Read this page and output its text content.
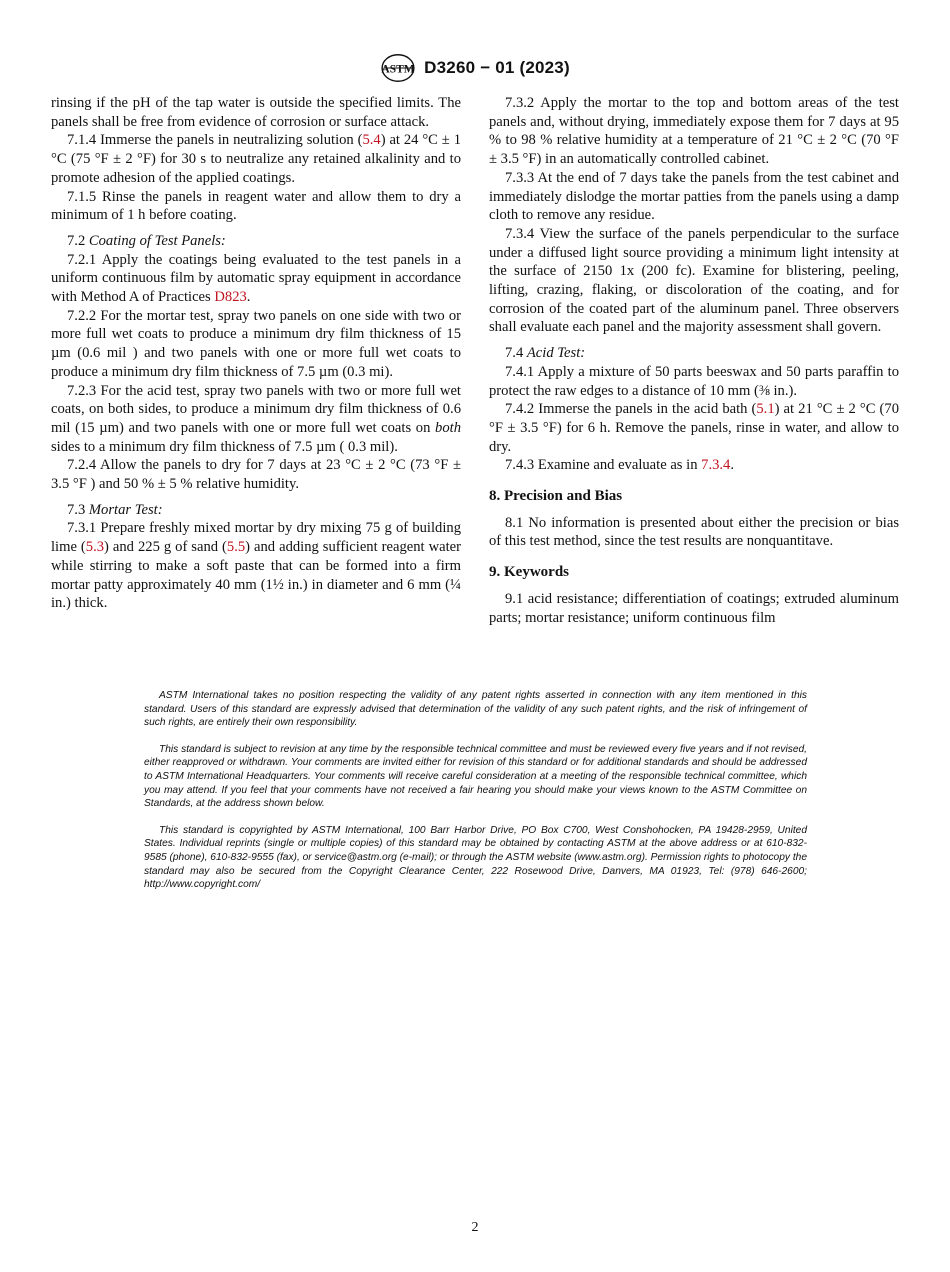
ASTM D3260 − 01 (2023)

rinsing if the pH of the tap water is outside the specified limits. The panels shall be free from evidence of corrosion or surface attack.

7.1.4 Immerse the panels in neutralizing solution (5.4) at 24 °C ± 1 °C (75 °F ± 2 °F) for 30 s to neutralize any retained alkalinity and to promote adhesion of the applied coatings.

7.1.5 Rinse the panels in reagent water and allow them to dry a minimum of 1 h before coating.

7.2 Coating of Test Panels:

7.2.1 Apply the coatings being evaluated to the test panels in a uniform continuous film by automatic spray equipment in accordance with Method A of Practices D823.

7.2.2 For the mortar test, spray two panels on one side with two or more full wet coats to produce a minimum dry film thickness of 15 µm (0.6 mil ) and two panels with one or more full wet coats to produce a minimum dry film thickness of 7.5 µm (0.3 mi).

7.2.3 For the acid test, spray two panels with two or more full wet coats, on both sides, to produce a minimum dry film thickness of 0.6 mil (15 µm) and two panels with one or more full wet coats on both sides to a minimum dry film thickness of 7.5 µm ( 0.3 mil).

7.2.4 Allow the panels to dry for 7 days at 23 °C ± 2 °C (73 °F ± 3.5 °F ) and 50 % ± 5 % relative humidity.

7.3 Mortar Test:

7.3.1 Prepare freshly mixed mortar by dry mixing 75 g of building lime (5.3) and 225 g of sand (5.5) and adding sufficient reagent water while stirring to make a soft paste that can be formed into a firm mortar patty approximately 40 mm (1½ in.) in diameter and 6 mm (¼ in.) thick.

7.3.2 Apply the mortar to the top and bottom areas of the test panels and, without drying, immediately expose them for 7 days at 95 % to 98 % relative humidity at a temperature of 21 °C ± 2 °C (70 °F ± 3.5 °F) in an automatically controlled cabinet.

7.3.3 At the end of 7 days take the panels from the test cabinet and immediately dislodge the mortar patties from the panels using a damp cloth to remove any residue.

7.3.4 View the surface of the panels perpendicular to the surface under a diffused light source providing a minimum light intensity at the surface of 2150 1x (200 fc). Examine for blistering, peeling, lifting, crazing, flaking, or discoloration of the coating, and for corrosion of the coated part of the aluminum panel. Three observers shall evaluate each panel and the majority assessment shall govern.

7.4 Acid Test:

7.4.1 Apply a mixture of 50 parts beeswax and 50 parts paraffin to protect the raw edges to a distance of 10 mm (⅜ in.).

7.4.2 Immerse the panels in the acid bath (5.1) at 21 °C ± 2 °C (70 °F ± 3.5 °F) for 6 h. Remove the panels, rinse in water, and allow to dry.

7.4.3 Examine and evaluate as in 7.3.4.

8. Precision and Bias

8.1 No information is presented about either the precision or bias of this test method, since the test results are nonquantitave.

9. Keywords

9.1 acid resistance; differentiation of coatings; extruded aluminum parts; mortar resistance; uniform continuous film

ASTM International takes no position respecting the validity of any patent rights asserted in connection with any item mentioned in this standard. Users of this standard are expressly advised that determination of the validity of any such patent rights, and the risk of infringement of such rights, are entirely their own responsibility.

This standard is subject to revision at any time by the responsible technical committee and must be reviewed every five years and if not revised, either reapproved or withdrawn. Your comments are invited either for revision of this standard or for additional standards and should be addressed to ASTM International Headquarters. Your comments will receive careful consideration at a meeting of the responsible technical committee, which you may attend. If you feel that your comments have not received a fair hearing you should make your views known to the ASTM Committee on Standards, at the address shown below.

This standard is copyrighted by ASTM International, 100 Barr Harbor Drive, PO Box C700, West Conshohocken, PA 19428-2959, United States. Individual reprints (single or multiple copies) of this standard may be obtained by contacting ASTM at the above address or at 610-832-9585 (phone), 610-832-9555 (fax), or service@astm.org (e-mail); or through the ASTM website (www.astm.org). Permission rights to photocopy the standard may also be secured from the Copyright Clearance Center, 222 Rosewood Drive, Danvers, MA 01923, Tel: (978) 646-2600; http://www.copyright.com/

2
